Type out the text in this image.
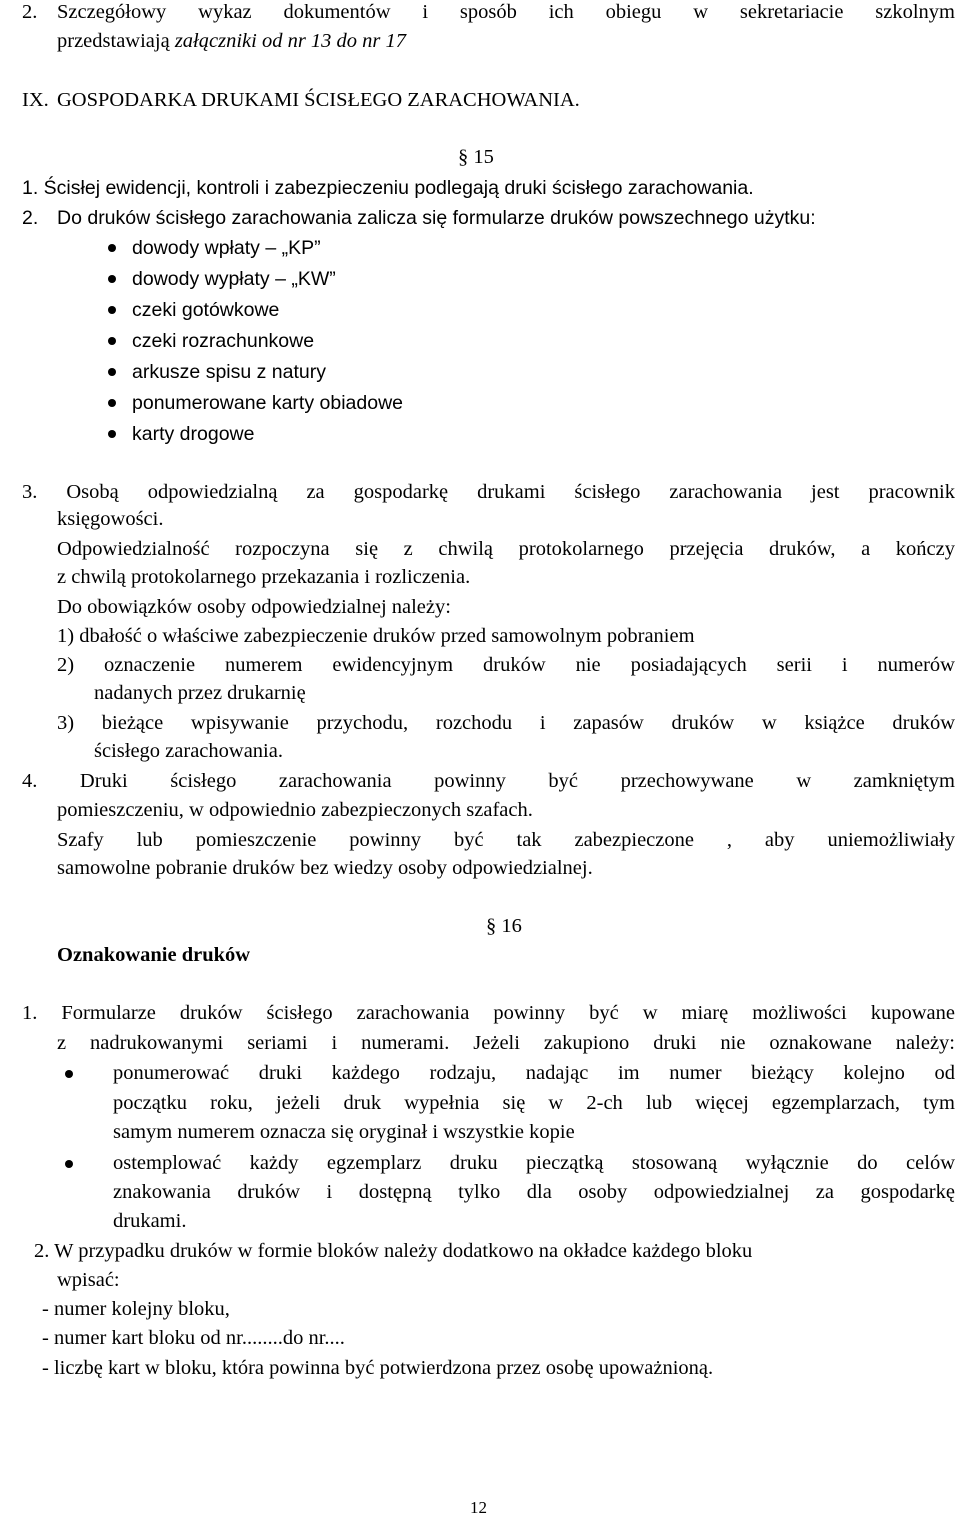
2. Szczegółowy wykaz dokumentów i sposób ich obiegu w sekretariacie szkolnym
przedstawiają załączniki od nr 13 do nr 17
IX. GOSPODARKA DRUKAMI ŚCISŁEGO ZARACHOWANIA.
§ 15
1. Ścisłej ewidencji, kontroli i zabezpieczeniu podlegają druki ścisłego zarachowania.
2. Do druków ścisłego zarachowania zalicza się formularze druków powszechnego użytku:
dowody wpłaty – „KP”
dowody wypłaty – „KW”
czeki gotówkowe
czeki rozrachunkowe
arkusze spisu z natury
ponumerowane karty obiadowe
karty drogowe
3. Osobą odpowiedzialną za gospodarkę drukami ścisłego zarachowania jest pracownik
księgowości.
Odpowiedzialność rozpoczyna się z chwilą protokolarnego przejęcia druków, a kończy
z chwilą protokolarnego przekazania i rozliczenia.
Do obowiązków osoby odpowiedzialnej należy:
1) dbałość o właściwe zabezpieczenie druków przed samowolnym pobraniem
2) oznaczenie numerem ewidencyjnym druków nie posiadających serii i numerów
nadanych przez drukarnię
3) bieżące wpisywanie przychodu, rozchodu i zapasów druków w książce druków
ścisłego zarachowania.
4. Druki ścisłego zarachowania powinny być przechowywane w zamkniętym
pomieszczeniu, w odpowiednio zabezpieczonych szafach.
Szafy lub pomieszczenie powinny być tak zabezpieczone , aby uniemożliwiały
samowolne pobranie druków bez wiedzy osoby odpowiedzialnej.
§ 16
Oznakowanie druków
1. Formularze druków ścisłego zarachowania powinny być w miarę możliwości kupowane
z nadrukowanymi seriami i numerami. Jeżeli zakupiono druki nie oznakowane należy:
ponumerować druki każdego rodzaju, nadając im numer bieżący kolejno od
początku roku, jeżeli druk wypełnia się w 2-ch lub więcej egzemplarzach, tym
samym numerem oznacza się oryginał i wszystkie kopie
ostemplować każdy egzemplarz druku pieczątką stosowaną wyłącznie do celów
znakowania druków i dostępną tylko dla osoby odpowiedzialnej za gospodarkę
drukami.
2. W przypadku druków w formie bloków należy dodatkowo na okładce każdego bloku
wpisać:
- numer kolejny bloku,
- numer kart bloku od nr........do nr....
- liczbę kart w bloku, która powinna być potwierdzona przez osobę upoważnioną.
12
